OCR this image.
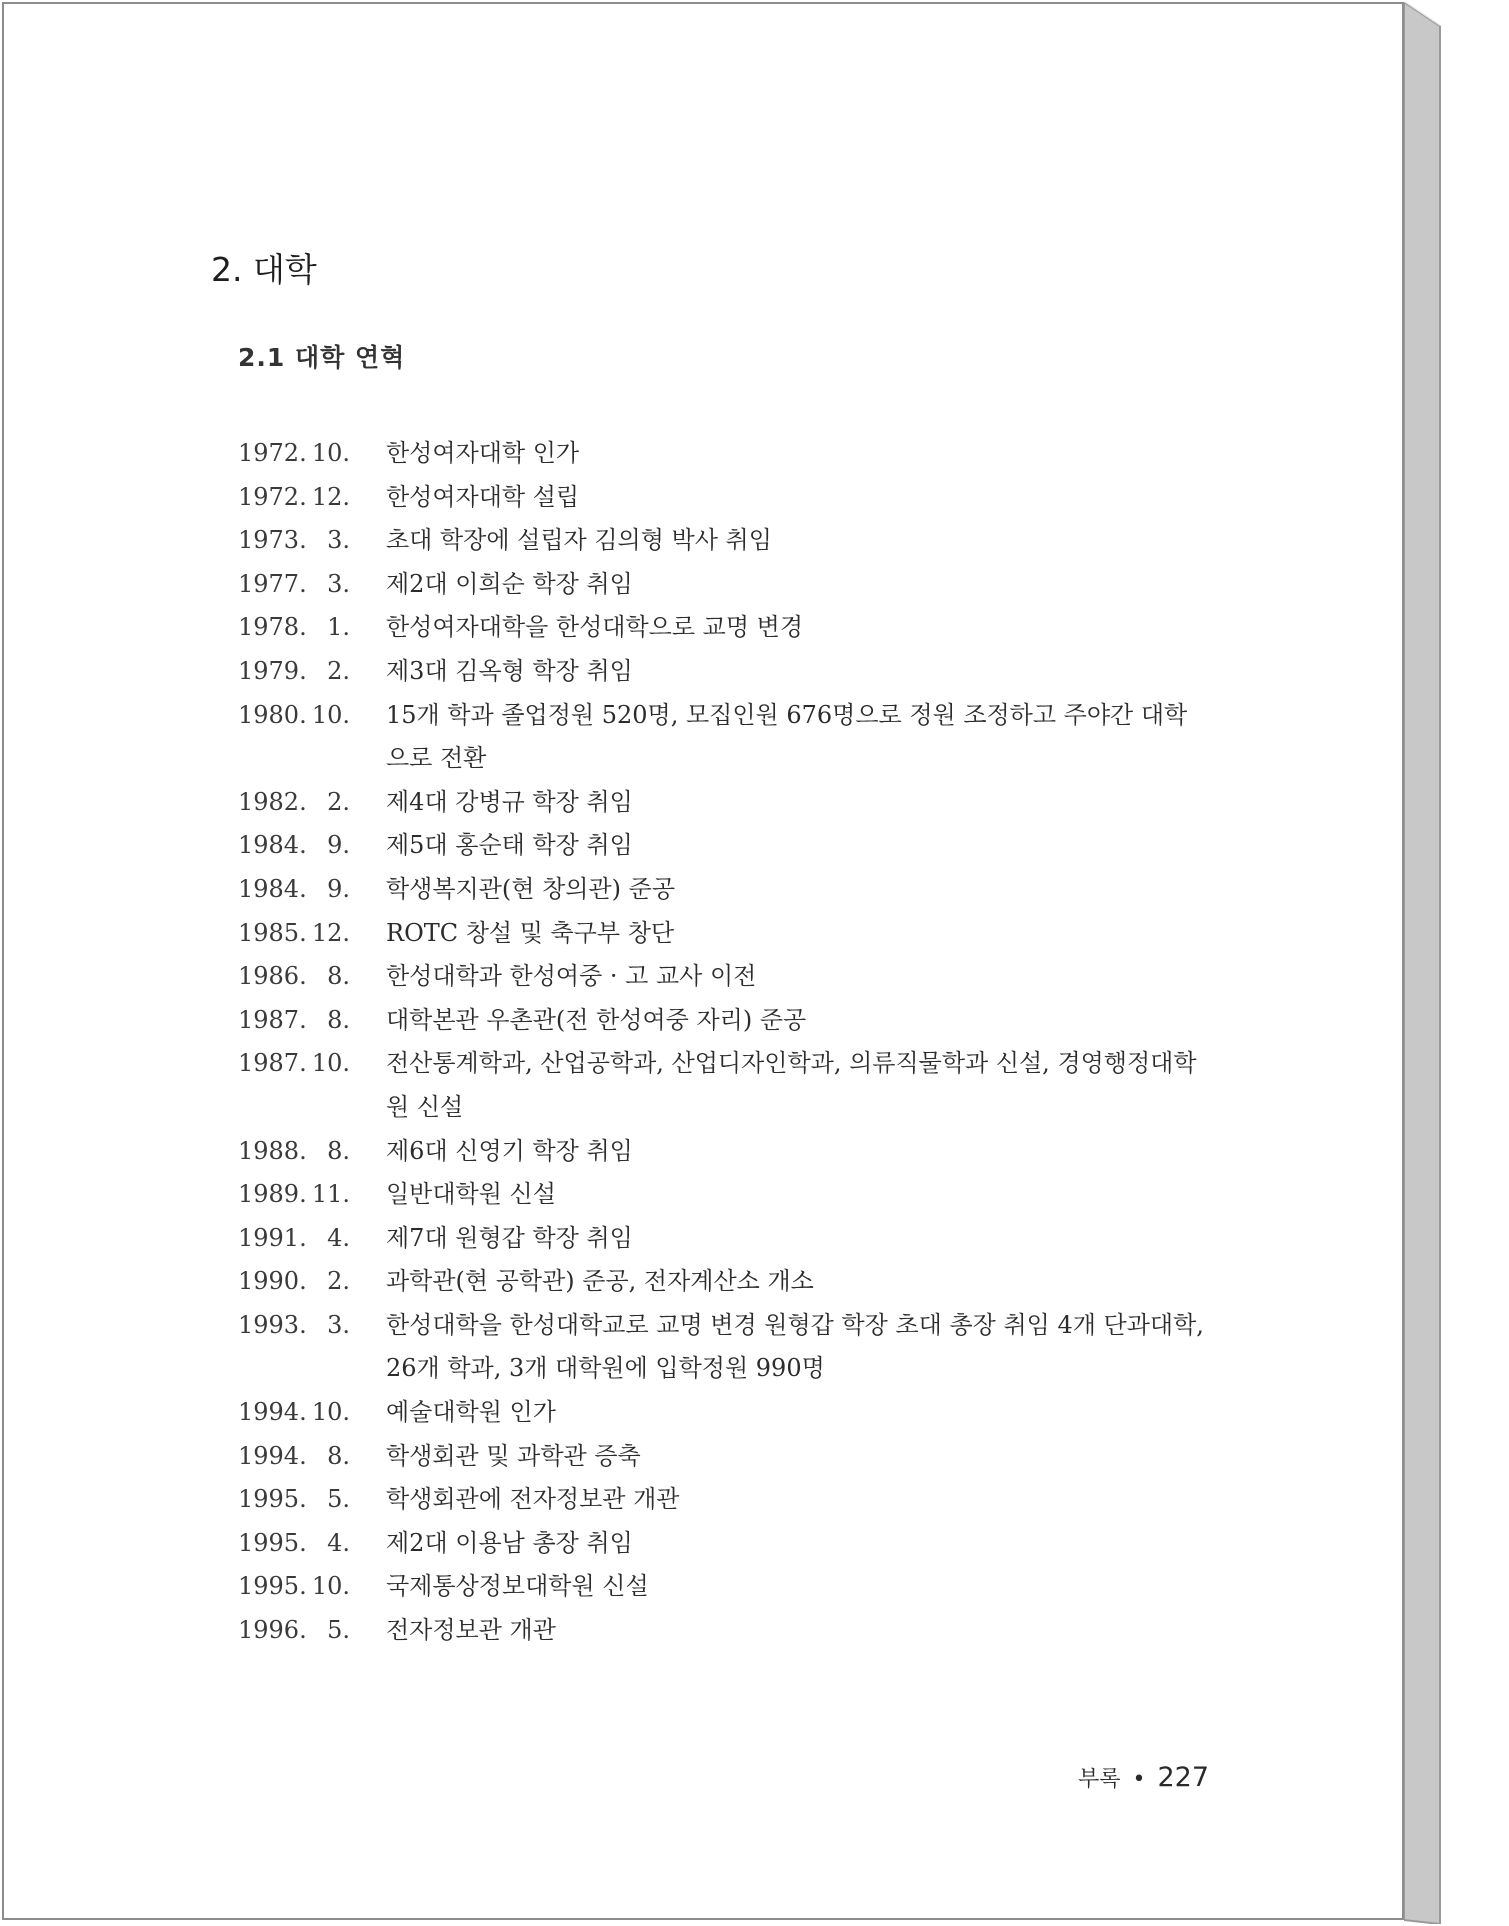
2. 대학
2.1 대학 연혁
1972. 10. 한성여자대학 인가
1972. 12. 한성여자대학 설립
1973. 3. 초대 학장에 설립자 김의형 박사 취임
1977. 3. 제2대 이희순 학장 취임
1978. 1. 한성여자대학을 한성대학으로 교명 변경
1979. 2. 제3대 김옥형 학장 취임
1980. 10. 15개 학과 졸업정원 520명, 모집인원 676명으로 정원 조정하고 주야간 대학으로 전환
1982. 2. 제4대 강병규 학장 취임
1984. 9. 제5대 홍순태 학장 취임
1984. 9. 학생복지관(현 창의관) 준공
1985. 12. ROTC 창설 및 축구부 창단
1986. 8. 한성대학과 한성여중 · 고 교사 이전
1987. 8. 대학본관 우촌관(전 한성여중 자리) 준공
1987. 10. 전산통계학과, 산업공학과, 산업디자인학과, 의류직물학과 신설, 경영행정대학원 신설
1988. 8. 제6대 신영기 학장 취임
1989. 11. 일반대학원 신설
1991. 4. 제7대 원형갑 학장 취임
1990. 2. 과학관(현 공학관) 준공, 전자계산소 개소
1993. 3. 한성대학을 한성대학교로 교명 변경 원형갑 학장 초대 총장 취임 4개 단과대학, 26개 학과, 3개 대학원에 입학정원 990명
1994. 10. 예술대학원 인가
1994. 8. 학생회관 및 과학관 증축
1995. 5. 학생회관에 전자정보관 개관
1995. 4. 제2대 이용남 총장 취임
1995. 10. 국제통상정보대학원 신설
1996. 5. 전자정보관 개관
부록 • 227
